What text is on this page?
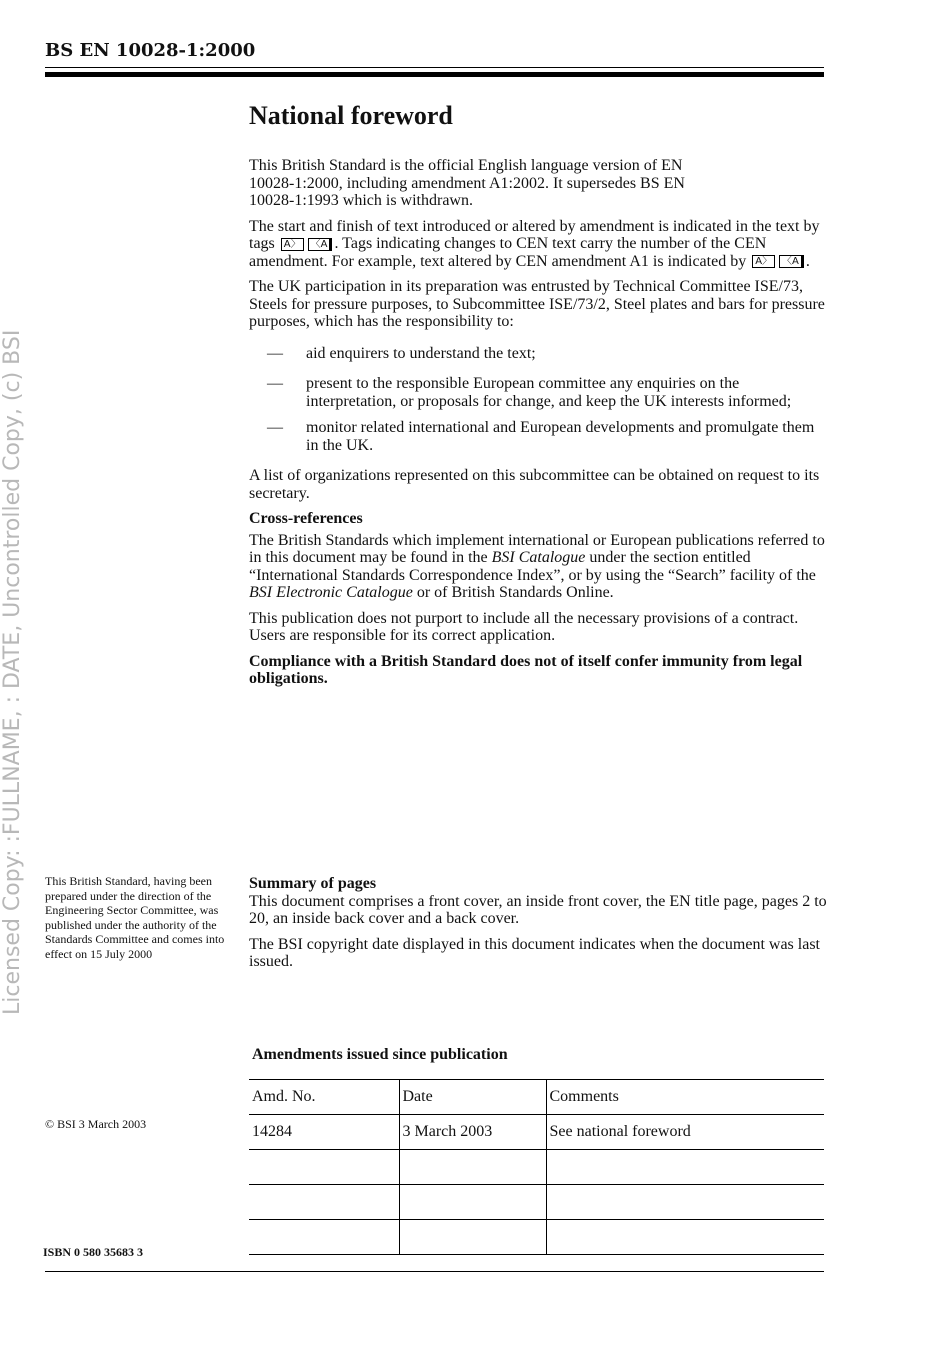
BS EN 10028-1:2000
National foreword

This British Standard is the official English language version of EN 10028-1:2000, including amendment A1:2002. It supersedes BS EN 10028-1:1993 which is withdrawn.

The start and finish of text introduced or altered by amendment is indicated in the text by tags A〉 〈A . Tags indicating changes to CEN text carry the number of the CEN amendment. For example, text altered by CEN amendment A1 is indicated by A〉 〈A .

The UK participation in its preparation was entrusted by Technical Committee ISE/73, Steels for pressure purposes, to Subcommittee ISE/73/2, Steel plates and bars for pressure purposes, which has the responsibility to:

— aid enquirers to understand the text;
— present to the responsible European committee any enquiries on the interpretation, or proposals for change, and keep the UK interests informed;
— monitor related international and European developments and promulgate them in the UK.

A list of organizations represented on this subcommittee can be obtained on request to its secretary.

Cross-references

The British Standards which implement international or European publications referred to in this document may be found in the BSI Catalogue under the section entitled “International Standards Correspondence Index”, or by using the “Search” facility of the BSI Electronic Catalogue or of British Standards Online.

This publication does not purport to include all the necessary provisions of a contract. Users are responsible for its correct application.

Compliance with a British Standard does not of itself confer immunity from legal obligations.

Summary of pages

This document comprises a front cover, an inside front cover, the EN title page, pages 2 to 20, an inside back cover and a back cover.

The BSI copyright date displayed in this document indicates when the document was last issued.

This British Standard, having been prepared under the direction of the Engineering Sector Committee, was published under the authority of the Standards Committee and comes into effect on 15 July 2000
© BSI 3 March 2003
ISBN 0 580 35683 3
Licensed Copy: :FULLNAME, : DATE, Uncontrolled Copy, (c) BSI
Amendments issued since publication
Amd. No.	Date	Comments
14284	3 March 2003	See national foreword
